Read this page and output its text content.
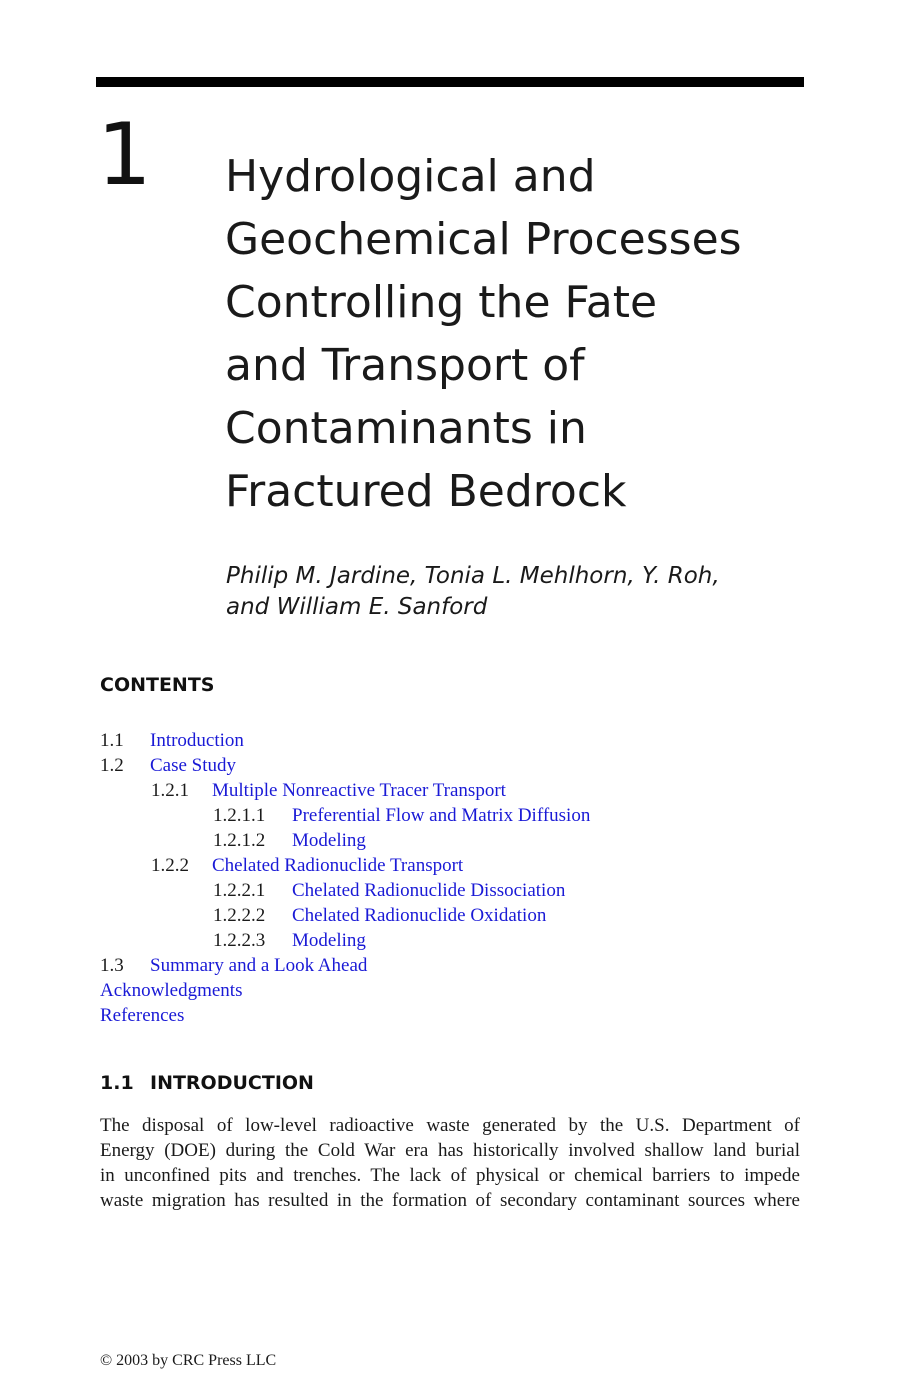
1 Hydrological and
Geochemical Processes
Controlling the Fate
and Transport of
Contaminants in
Fractured Bedrock
Philip M. Jardine, Tonia L. Mehlhorn, Y. Roh,
and William E. Sanford
CONTENTS
1.1 Introduction
1.2 Case Study
1.2.1 Multiple Nonreactive Tracer Transport
1.2.1.1 Preferential Flow and Matrix Diffusion
1.2.1.2 Modeling
1.2.2 Chelated Radionuclide Transport
1.2.2.1 Chelated Radionuclide Dissociation
1.2.2.2 Chelated Radionuclide Oxidation
1.2.2.3 Modeling
1.3 Summary and a Look Ahead
Acknowledgments
References
1.1 INTRODUCTION

The disposal of low-level radioactive waste generated by the U.S. Department of
Energy (DOE) during the Cold War era has historically involved shallow land burial
in unconfined pits and trenches. The lack of physical or chemical barriers to impede
waste migration has resulted in the formation of secondary contaminant sources where

© 2003 by CRC Press LLC
